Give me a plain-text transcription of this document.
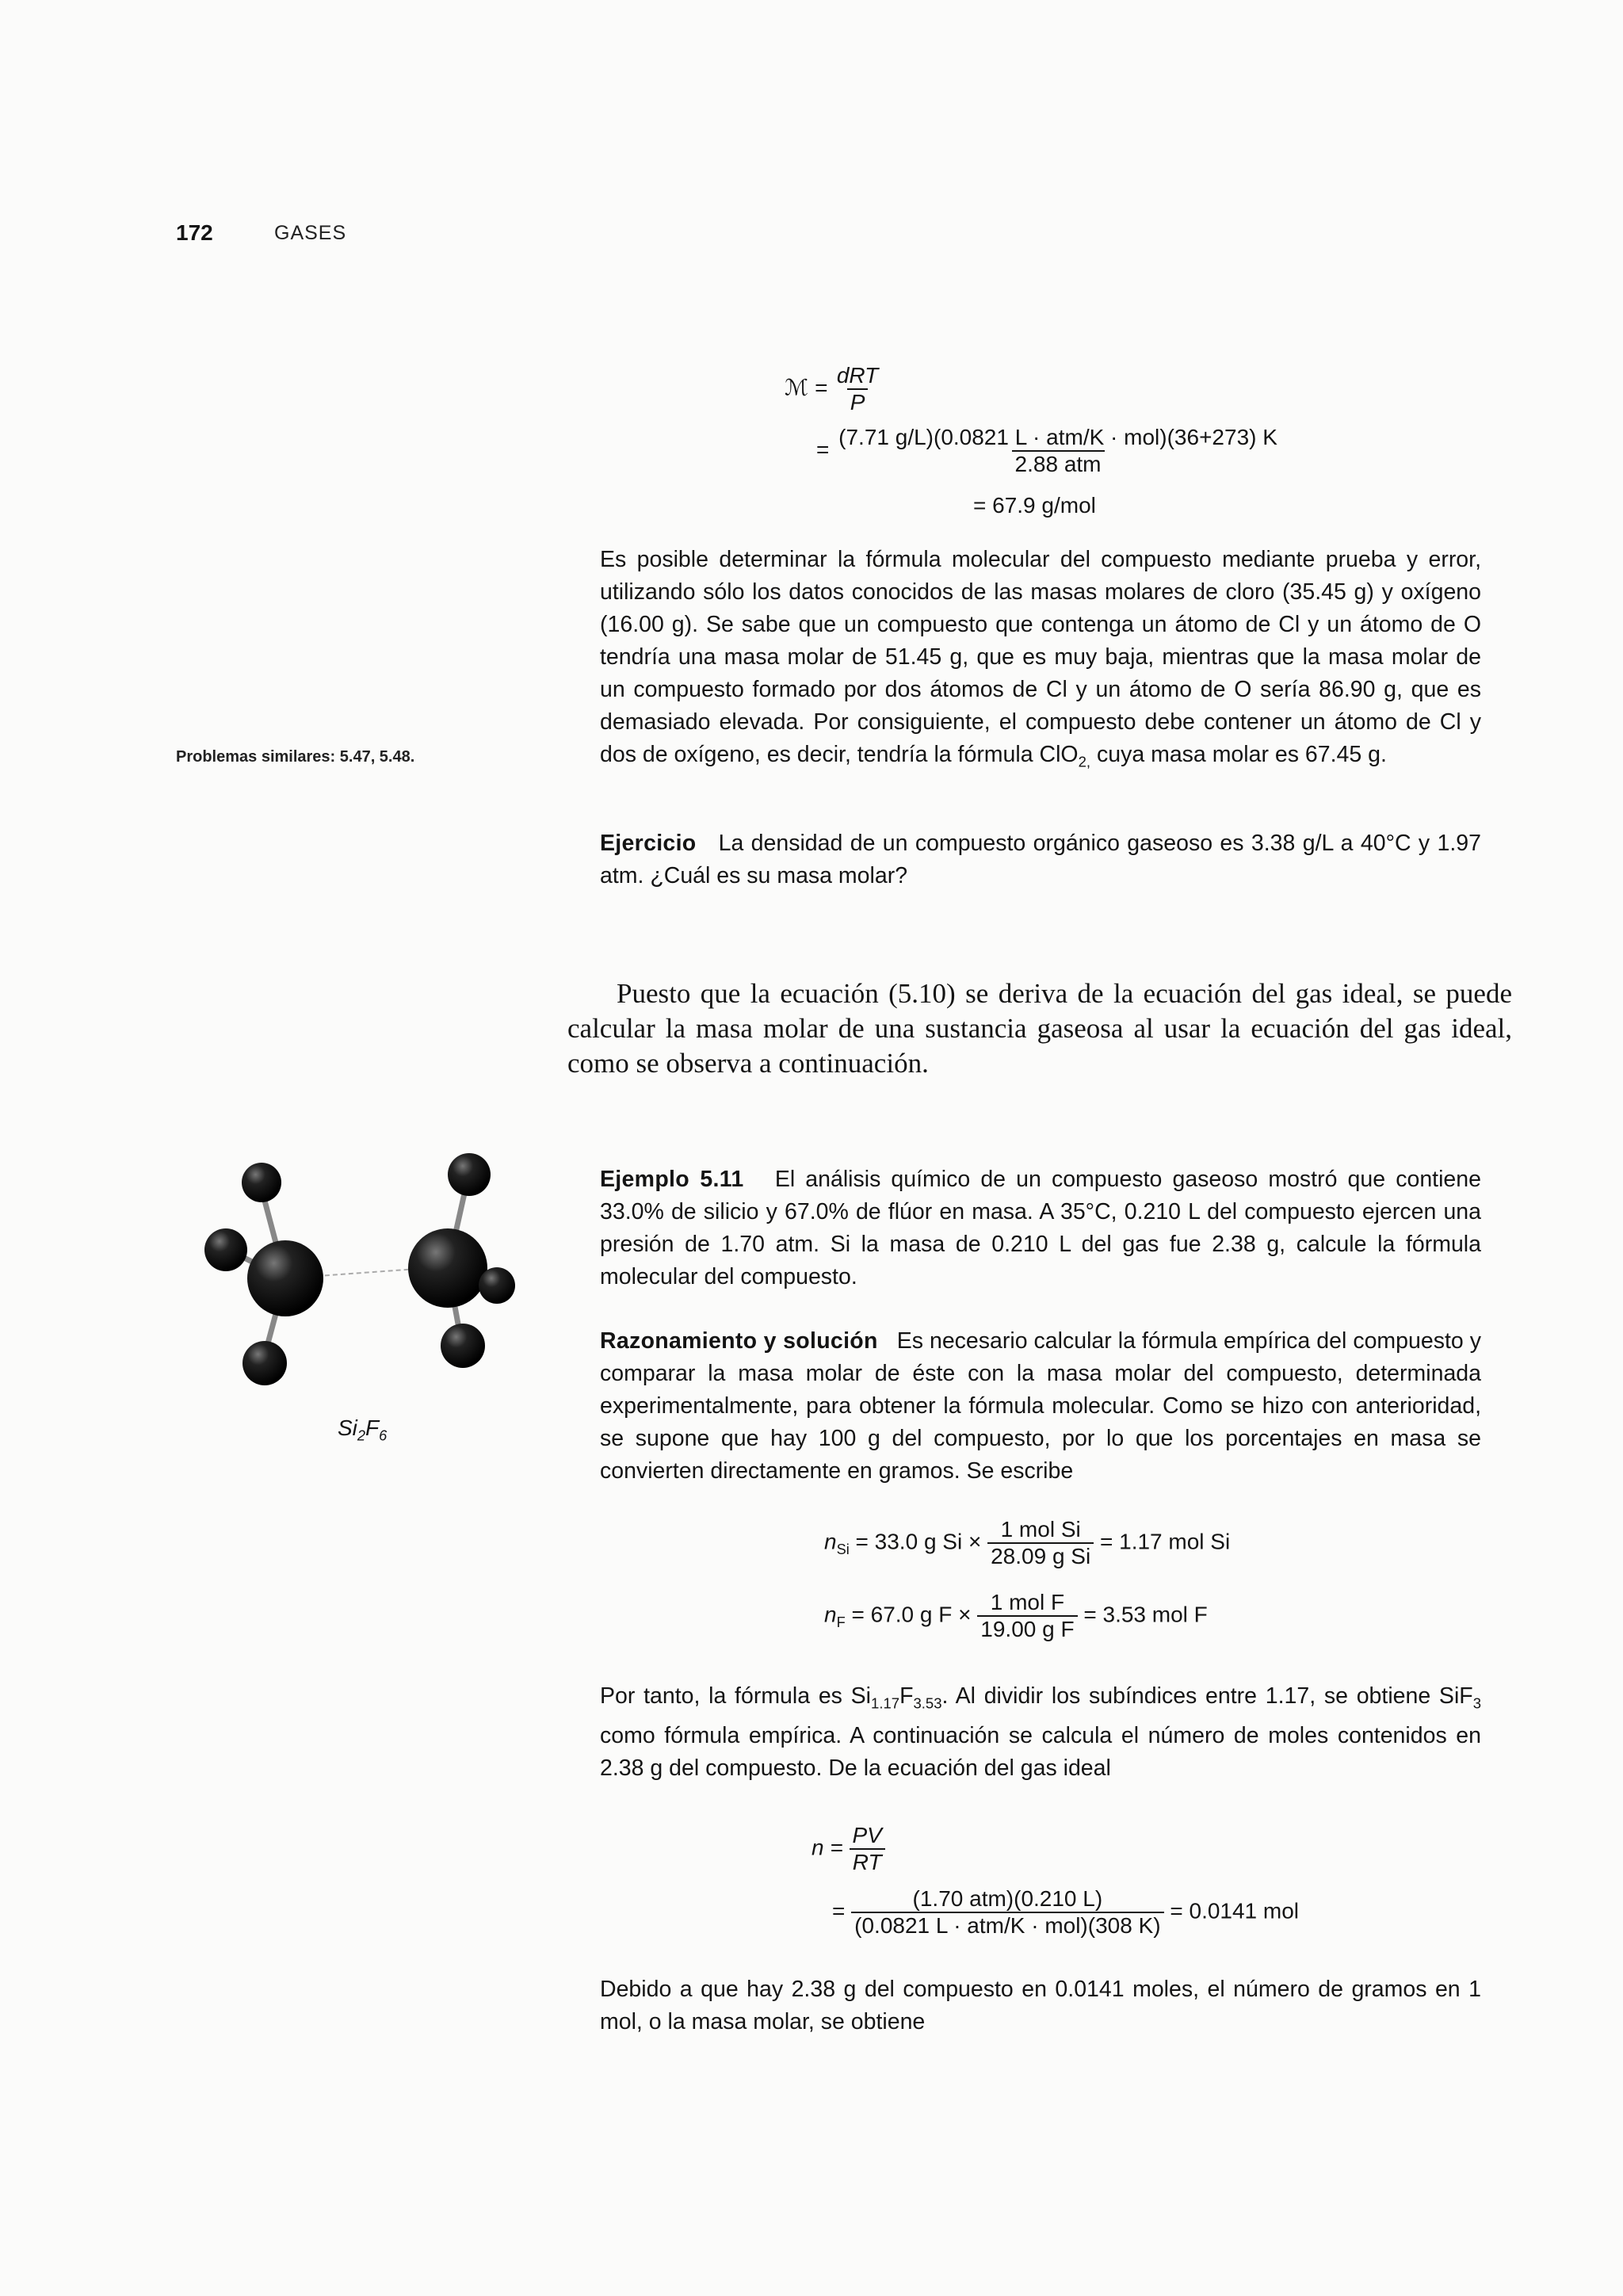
172	GASES
ℳ = $\frac{\text{dRT}}{P}$
= $\frac{\text{(7.71 g/L)(0.0821 L · atm/K · mol)(36+273) K}}{\text{2.88 atm}}$
= 67.9 g/mol
Es posible determinar la fórmula molecular del compuesto mediante prueba y error, utilizando sólo los datos conocidos de las masas molares de cloro (35.45 g) y oxígeno (16.00 g). Se sabe que un compuesto que contenga un átomo de Cl y un átomo de O tendría una masa molar de 51.45 g, que es muy baja, mientras que la masa molar de un compuesto formado por dos átomos de Cl y un átomo de O sería 86.90 g, que es demasiado elevada. Por consiguiente, el compuesto debe contener un átomo de Cl y dos de oxígeno, es decir, tendría la fórmula ClO$_{2,}$ cuya masa molar es 67.45 g.
Problemas similares: 5.47, 5.48.
Ejercicio La densidad de un compuesto orgánico gaseoso es 3.38 g/L a 40°C y 1.97 atm. ¿Cuál es su masa molar?
Puesto que la ecuación (5.10) se deriva de la ecuación del gas ideal, se puede calcular la masa molar de una sustancia gaseosa al usar la ecuación del gas ideal, como se observa a continuación.
$Si_2F_6$
Ejemplo 5.11 El análisis químico de un compuesto gaseoso mostró que contiene 33.0% de silicio y 67.0% de flúor en masa. A 35°C, 0.210 L del compuesto ejercen una presión de 1.70 atm. Si la masa de 0.210 L del gas fue 2.38 g, calcule la fórmula molecular del compuesto.
Razonamiento y solución Es necesario calcular la fórmula empírica del compuesto y comparar la masa molar de éste con la masa molar del compuesto, determinada experimentalmente, para obtener la fórmula molecular. Como se hizo con anterioridad, se supone que hay 100 g del compuesto, por lo que los porcentajes en masa se convierten directamente en gramos. Se escribe
$n_{Si} = 33.0$ g $Si \times \frac{\text{1 mol Si}}{\text{28.09 g Si}} = 1.17$ mol Si
$n_F = 67.0$ g $F \times \frac{\text{1 mol F}}{\text{19.00 g F}} = 3.53$ mol F
Por tanto, la fórmula es $Si_{1.17}F_{3.53}$. Al dividir los subíndices entre 1.17, se obtiene SiF$_3$ como fórmula empírica. A continuación se calcula el número de moles contenidos en 2.38 g del compuesto. De la ecuación del gas ideal
$n = \frac{PV}{RT}$
= $\frac{\text{(1.70 atm)(0.210 L)}}{\text{(0.0821 L · atm/K · mol)(308 K)}} = 0.0141$ mol
Debido a que hay 2.38 g del compuesto en 0.0141 moles, el número de gramos en 1 mol, o la masa molar, se obtiene
